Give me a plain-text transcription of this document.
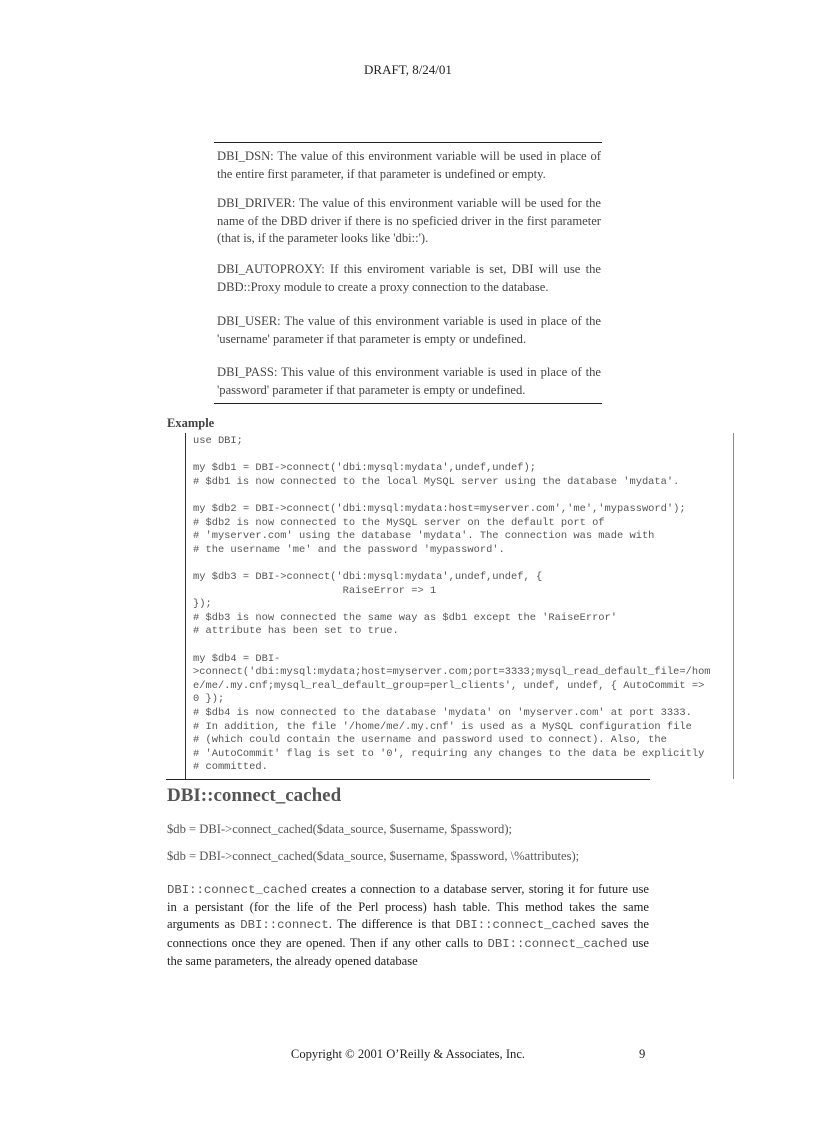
DRAFT, 8/24/01

DBI_DSN: The value of this environment variable will be used in place of the entire first parameter, if that parameter is undefined or empty.

DBI_DRIVER: The value of this environment variable will be used for the name of the DBD driver if there is no speficied driver in the first parameter (that is, if the parameter looks like 'dbi::').

DBI_AUTOPROXY: If this enviroment variable is set, DBI will use the DBD::Proxy module to create a proxy connection to the database.

DBI_USER: The value of this environment variable is used in place of the 'username' parameter if that parameter is empty or undefined.

DBI_PASS: This value of this environment variable is used in place of the 'password' parameter if that parameter is empty or undefined.

Example
use DBI;
my $db1 = DBI->connect('dbi:mysql:mydata',undef,undef);
# $db1 is now connected to the local MySQL server using the database 'mydata'.
my $db2 = DBI->connect('dbi:mysql:mydata:host=myserver.com','me','mypassword');
# $db2 is now connected to the MySQL server on the default port of
# 'myserver.com' using the database 'mydata'. The connection was made with
# the username 'me' and the password 'mypassword'.
my $db3 = DBI->connect('dbi:mysql:mydata',undef,undef, {
RaiseError => 1
});
# $db3 is now connected the same way as $db1 except the 'RaiseError'
# attribute has been set to true.
my $db4 = DBI-
>connect('dbi:mysql:mydata;host=myserver.com;port=3333;mysql_read_default_file=/hom
e/me/.my.cnf;mysql_real_default_group=perl_clients', undef, undef, { AutoCommit =>
0 });
# $db4 is now connected to the database 'mydata' on 'myserver.com' at port 3333.
# In addition, the file '/home/me/.my.cnf' is used as a MySQL configuration file
# (which could contain the username and password used to connect). Also, the
# 'AutoCommit' flag is set to '0', requiring any changes to the data be explicitly
# committed.
DBI::connect_cached

$db = DBI->connect_cached($data_source, $username, $password);

$db = DBI->connect_cached($data_source, $username, $password, \%attributes);

DBI::connect_cached creates a connection to a database server, storing it for future use in a persistant (for the life of the Perl process) hash table. This method takes the same arguments as DBI::connect. The difference is that DBI::connect_cached saves the connections once they are opened. Then if any other calls to DBI::connect_cached use the same parameters, the already opened database

Copyright © 2001 O’Reilly & Associates, Inc.	9
